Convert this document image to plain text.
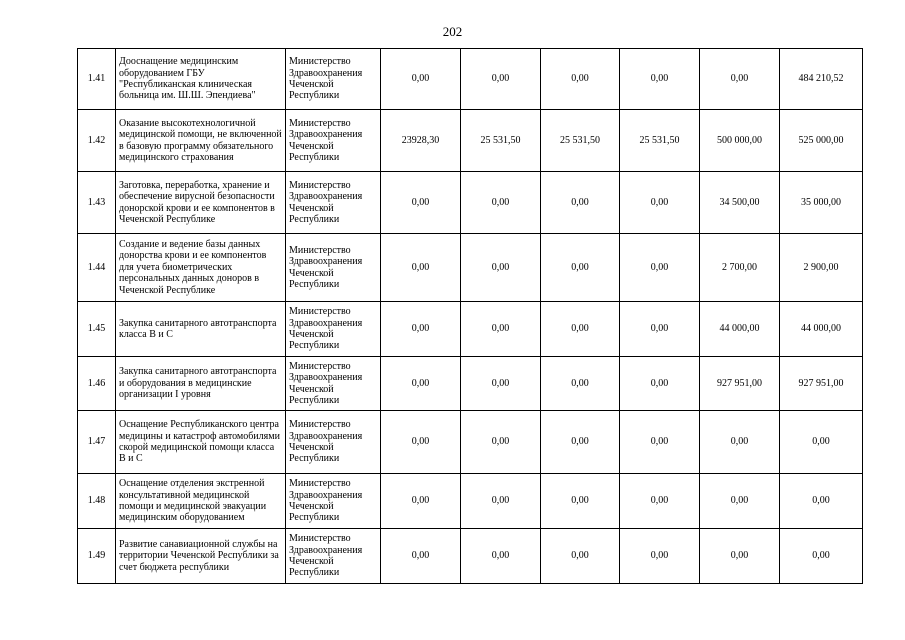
202
1.41	Дооснащение медицинским оборудованием ГБУ "Республиканская клиническая больница им. Ш.Ш. Эпендиева"	Министерство Здравоохранения Чеченской Республики	0,00	0,00	0,00	0,00	0,00	484 210,52
1.42	Оказание высокотехнологичной медицинской помощи, не включенной в базовую программу обязательного медицинского страхования	Министерство Здравоохранения Чеченской Республики	23928,30	25 531,50	25 531,50	25 531,50	500 000,00	525 000,00
1.43	Заготовка, переработка, хранение и обеспечение вирусной безопасности донорской крови и ее компонентов в Чеченской Республике	Министерство Здравоохранения Чеченской Республики	0,00	0,00	0,00	0,00	34 500,00	35 000,00
1.44	Создание и ведение базы данных донорства крови и ее компонентов для учета биометрических персональных данных доноров в Чеченской Республике	Министерство Здравоохранения Чеченской Республики	0,00	0,00	0,00	0,00	2 700,00	2 900,00
1.45	Закупка санитарного автотранспорта класса В и С	Министерство Здравоохранения Чеченской Республики	0,00	0,00	0,00	0,00	44 000,00	44 000,00
1.46	Закупка санитарного автотранспорта и оборудования в медицинские организации I уровня	Министерство Здравоохранения Чеченской Республики	0,00	0,00	0,00	0,00	927 951,00	927 951,00
1.47	Оснащение Республиканского центра медицины и катастроф автомобилями скорой медицинской помощи класса В и С	Министерство Здравоохранения Чеченской Республики	0,00	0,00	0,00	0,00	0,00	0,00
1.48	Оснащение отделения экстренной консультативной медицинской помощи и медицинской эвакуации медицинским оборудованием	Министерство Здравоохранения Чеченской Республики	0,00	0,00	0,00	0,00	0,00	0,00
1.49	Развитие санавиационной службы на территории Чеченской Республики за счет бюджета республики	Министерство Здравоохранения Чеченской Республики	0,00	0,00	0,00	0,00	0,00	0,00
